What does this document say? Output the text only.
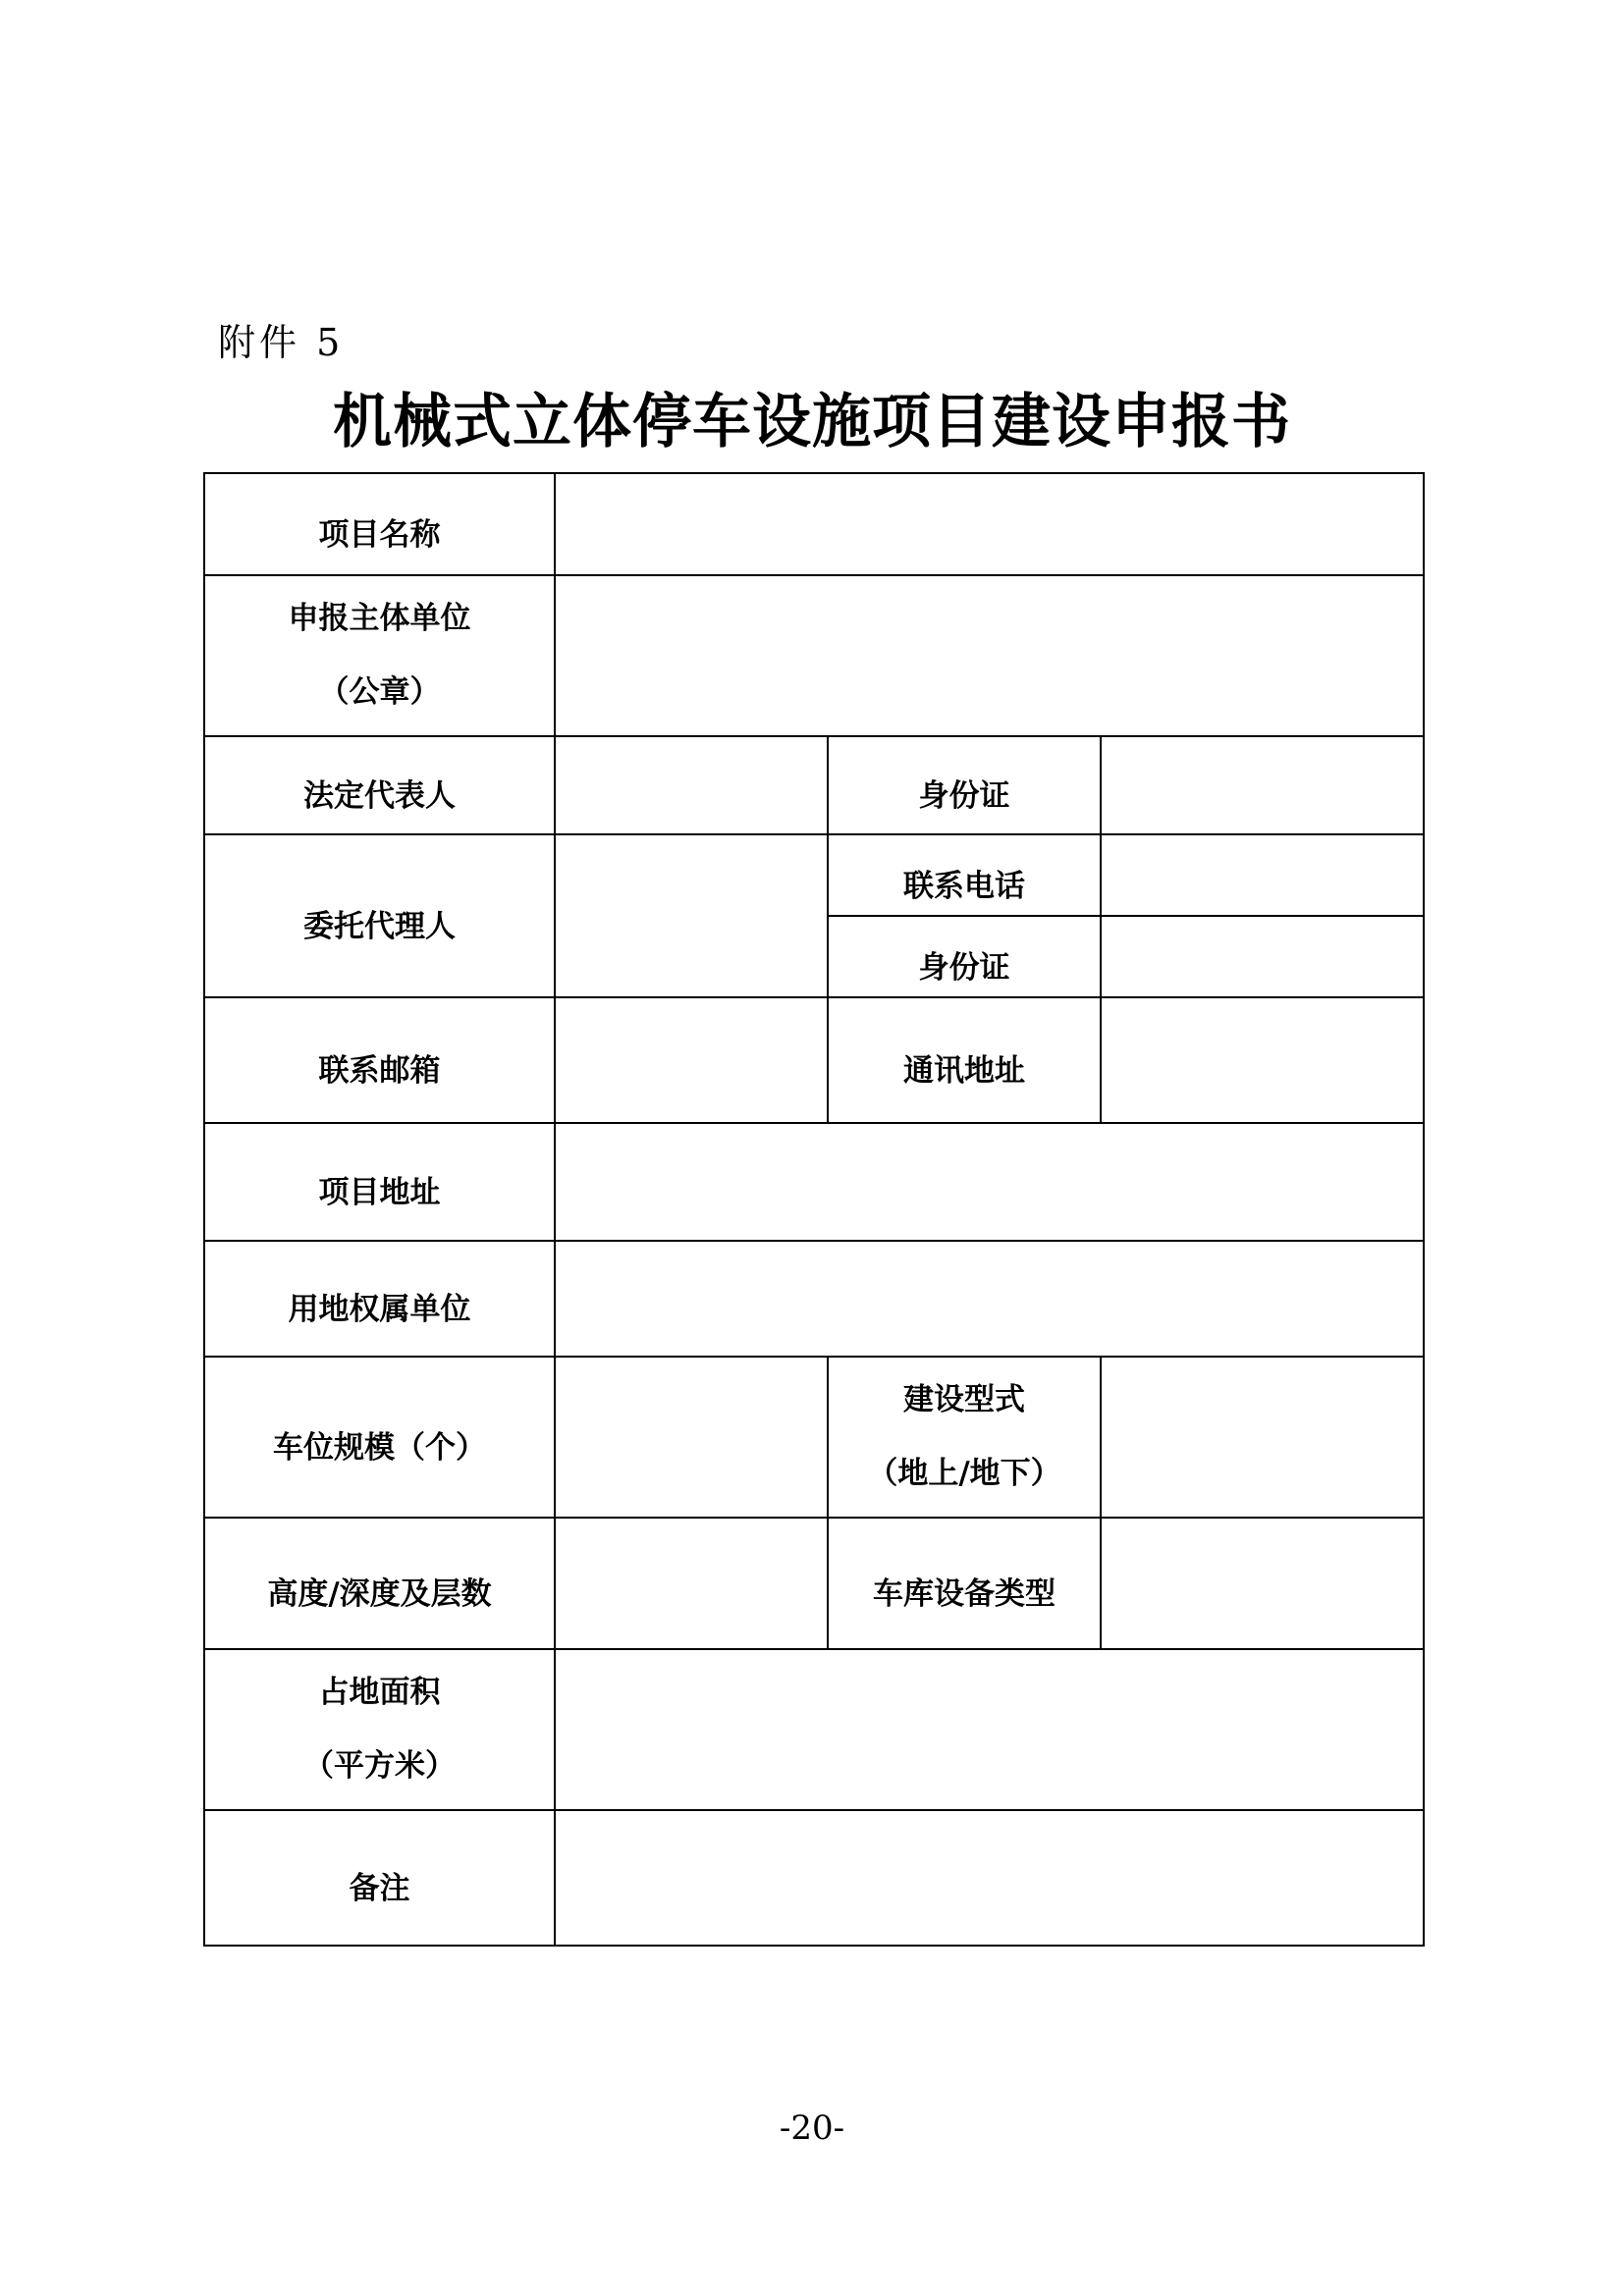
附件 5
机械式立体停车设施项目建设申报书
项目名称			

申报主体单位
（公章）			

法定代表人		身份证	
委托代理人		联系电话	
		身份证	
联系邮箱		通讯地址	
项目地址			
用地权属单位			
车位规模（个）		建设型式
（地上/地下）	

高度/深度及层数		车库设备类型	

占地面积
（平方米）			

备注			
-20-
